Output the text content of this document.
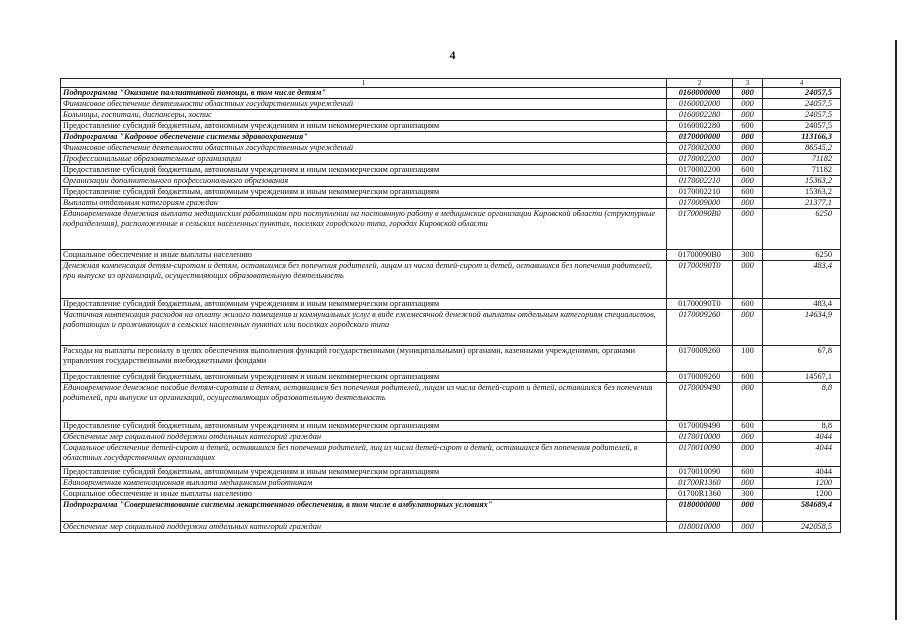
4
1	2	3	4
Подпрограмма "Оказание паллиативной помощи, в том числе детям"	0160000000	000	24057,5
Финансовое обеспечение деятельности областных государственных учреждений	0160002000	000	24057,5
Больницы, госпитали, диспансеры, хоспис	0160002280	000	24057,5
Предоставление субсидий бюджетным, автономным учреждениям и иным некоммерческим организациям	0160002280	600	24057,5
Подпрограмма "Кадровое обеспечение системы здравоохранения"	0170000000	000	113166,3
Финансовое обеспечение деятельности областных государственных учреждений	0170002000	000	86545,2
Профессиональные образовательные организации	0170002200	000	71182
Предоставление субсидий бюджетным, автономным учреждениям и иным некоммерческим организациям	0170002200	600	71182
Организации дополнительного профессионального образования	0170002210	000	15363,2
Предоставление субсидий бюджетным, автономным учреждениям и иным некоммерческим организациям	0170002210	600	15363,2
Выплаты отдельным категориям граждан	0170009000	000	21377,1
Единовременная денежная выплата медицинским работникам при поступлении на постоянную работу в медицинские организации Кировской области (структурные подразделения), расположенные в сельских населенных пунктах, поселках городского типа, городах Кировской области	01700090В0	000	6250
Социальное обеспечение и иные выплаты населению	01700090В0	300	6250
Денежная компенсация детям-сиротам и детям, оставшимся без попечения родителей, лицам из числа детей-сирот и детей, оставшихся без попечения родителей, при выпуске из организаций, осуществляющих образовательную деятельность	01700090Т0	000	483,4
Предоставление субсидий бюджетным, автономным учреждениям и иным некоммерческим организациям	01700090Т0	600	483,4
Частичная компенсация расходов на оплату жилого помещения и коммунальных услуг в виде ежемесячной денежной выплаты отдельным категориям специалистов, работающих и проживающих в сельских населенных пунктах или поселках городского типа	0170009260	000	14634,9
Расходы на выплаты персоналу в целях обеспечения выполнения функций государственными (муниципальными) органами, казенными учреждениями, органами управления государственными внебюджетными фондами	0170009260	100	67,8
Предоставление субсидий бюджетным, автономным учреждениям и иным некоммерческим организациям	0170009260	600	14567,1
Единовременное денежное пособие детям-сиротам и детям, оставшимся без попечения родителей, лицам из числа детей-сирот и детей, оставшихся без попечения родителей, при выпуске из организаций, осуществляющих образовательную деятельность	0170009490	000	8,8
Предоставление субсидий бюджетным, автономным учреждениям и иным некоммерческим организациям	0170009490	600	8,8
Обеспечение мер социальной поддержки отдельных категорий граждан	0170010000	000	4044
Социальное обеспечение детей-сирот и детей, оставшихся без попечения родителей, лиц из числа детей-сирот и детей, оставшихся без попечения родителей, в областных государственных организациях	0170010090	000	4044
Предоставление субсидий бюджетным, автономным учреждениям и иным некоммерческим организациям	0170010090	600	4044
Единовременная компенсационная выплата медицинским работникам	01700R1360	000	1200
Социальное обеспечение и иные выплаты населению	01700R1360	300	1200
Подпрограмма "Совершенствование системы лекарственного обеспечения, в том числе в амбулаторных условиях"	0180000000	000	584689,4
Обеспечение мер социальной поддержки отдельных категорий граждан	0180010000	000	242058,5
